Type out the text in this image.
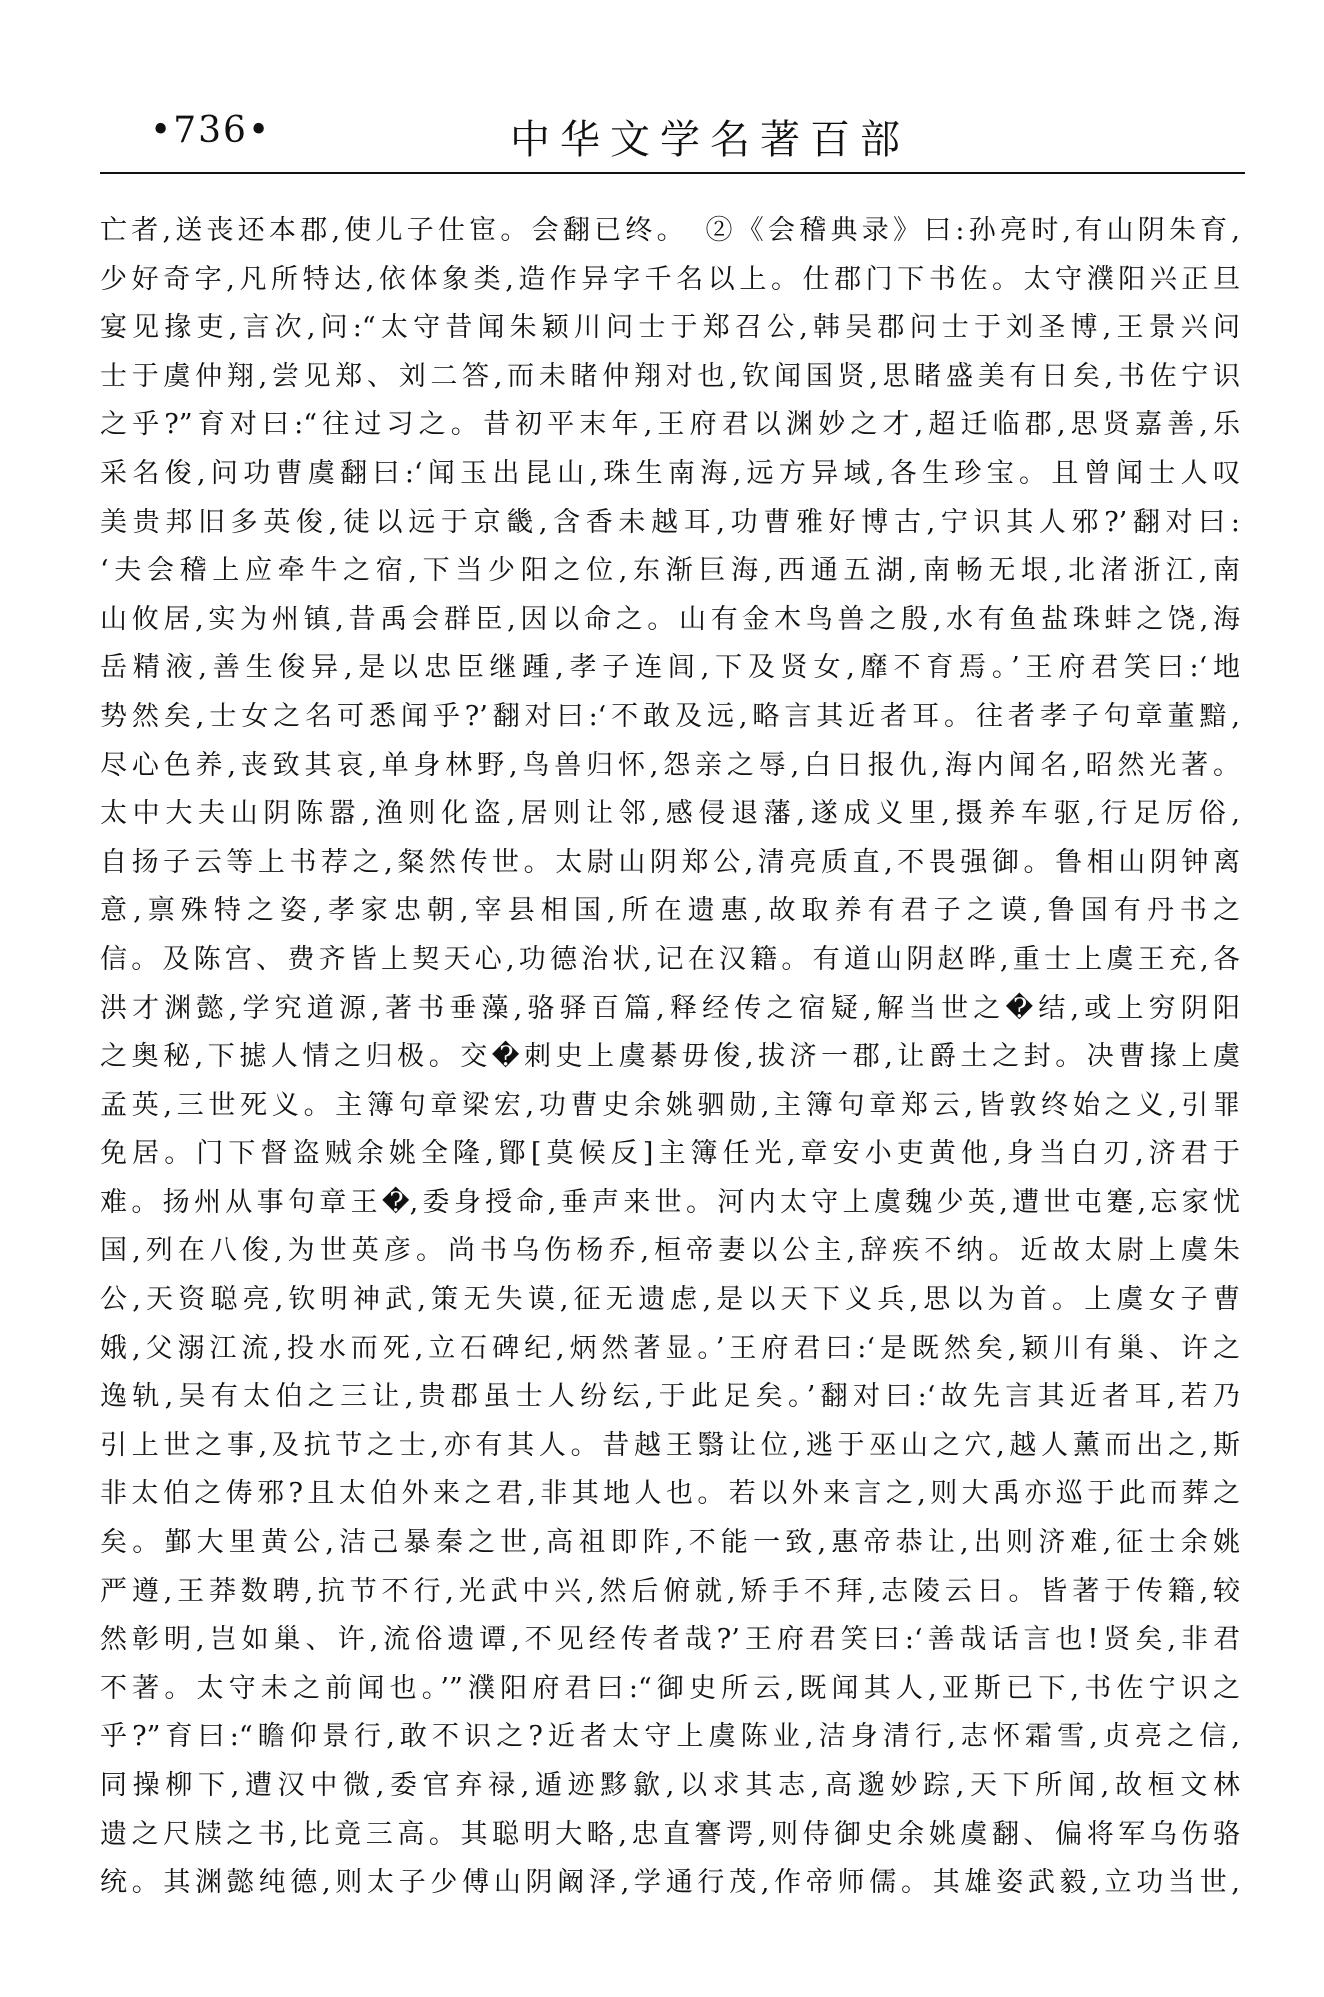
•736•	中华文学名著百部
亡者,送丧还本郡,使儿子仕宦。会翻已终。　②《会稽典录》曰:孙亮时,有山阴朱育,
少好奇字,凡所特达,依体象类,造作异字千名以上。仕郡门下书佐。太守濮阳兴正旦
宴见掾吏,言次,问:“太守昔闻朱颖川问士于郑召公,韩吴郡问士于刘圣博,王景兴问
士于虞仲翔,尝见郑、刘二答,而未睹仲翔对也,钦闻国贤,思睹盛美有日矣,书佐宁识
之乎?”育对曰:“往过习之。昔初平末年,王府君以渊妙之才,超迁临郡,思贤嘉善,乐
采名俊,问功曹虞翻曰:‘闻玉出昆山,珠生南海,远方异域,各生珍宝。且曾闻士人叹
美贵邦旧多英俊,徒以远于京畿,含香未越耳,功曹雅好博古,宁识其人邪?’翻对曰:
‘夫会稽上应牵牛之宿,下当少阳之位,东渐巨海,西通五湖,南畅无垠,北渚浙江,南
山攸居,实为州镇,昔禹会群臣,因以命之。山有金木鸟兽之殷,水有鱼盐珠蚌之饶,海
岳精液,善生俊异,是以忠臣继踵,孝子连闾,下及贤女,靡不育焉。’王府君笑曰:‘地
势然矣,士女之名可悉闻乎?’翻对曰:‘不敢及远,略言其近者耳。往者孝子句章董黯,
尽心色养,丧致其哀,单身林野,鸟兽归怀,怨亲之辱,白日报仇,海内闻名,昭然光著。
太中大夫山阴陈嚣,渔则化盗,居则让邻,感侵退藩,遂成义里,摄养车驱,行足厉俗,
自扬子云等上书荐之,粲然传世。太尉山阴郑公,清亮质直,不畏强御。鲁相山阴钟离
意,禀殊特之姿,孝家忠朝,宰县相国,所在遗惠,故取养有君子之谟,鲁国有丹书之
信。及陈宫、费齐皆上契天心,功德治状,记在汉籍。有道山阴赵晔,重士上虞王充,各
洪才渊懿,学究道源,著书垂藻,骆驿百篇,释经传之宿疑,解当世之�结,或上穷阴阳
之奥秘,下摅人情之归极。交�刺史上虞綦毋俊,拔济一郡,让爵土之封。决曹掾上虞
孟英,三世死义。主簿句章梁宏,功曹史余姚驷勋,主簿句章郑云,皆敦终始之义,引罪
免居。门下督盗贼余姚全隆,鄮[莫候反]主簿任光,章安小吏黄他,身当白刃,济君于
难。扬州从事句章王�,委身授命,垂声来世。河内太守上虞魏少英,遭世屯蹇,忘家忧
国,列在八俊,为世英彦。尚书乌伤杨乔,桓帝妻以公主,辞疾不纳。近故太尉上虞朱
公,天资聪亮,钦明神武,策无失谟,征无遗虑,是以天下义兵,思以为首。上虞女子曹
娥,父溺江流,投水而死,立石碑纪,炳然著显。’王府君曰:‘是既然矣,颖川有巢、许之
逸轨,吴有太伯之三让,贵郡虽士人纷纭,于此足矣。’翻对曰:‘故先言其近者耳,若乃
引上世之事,及抗节之士,亦有其人。昔越王翳让位,逃于巫山之穴,越人薰而出之,斯
非太伯之俦邪?且太伯外来之君,非其地人也。若以外来言之,则大禹亦巡于此而葬之
矣。鄞大里黄公,洁己暴秦之世,高祖即阼,不能一致,惠帝恭让,出则济难,征士余姚
严遵,王莽数聘,抗节不行,光武中兴,然后俯就,矫手不拜,志陵云日。皆著于传籍,较
然彰明,岂如巢、许,流俗遗谭,不见经传者哉?’王府君笑曰:‘善哉话言也!贤矣,非君
不著。太守未之前闻也。’”濮阳府君曰:“御史所云,既闻其人,亚斯已下,书佐宁识之
乎?”育曰:“瞻仰景行,敢不识之?近者太守上虞陈业,洁身清行,志怀霜雪,贞亮之信,
同操柳下,遭汉中微,委官弃禄,遁迹黟歙,以求其志,高邈妙踪,天下所闻,故桓文林
遗之尺牍之书,比竟三高。其聪明大略,忠直謇谔,则侍御史余姚虞翻、偏将军乌伤骆
统。其渊懿纯德,则太子少傅山阴阚泽,学通行茂,作帝师儒。其雄姿武毅,立功当世,
